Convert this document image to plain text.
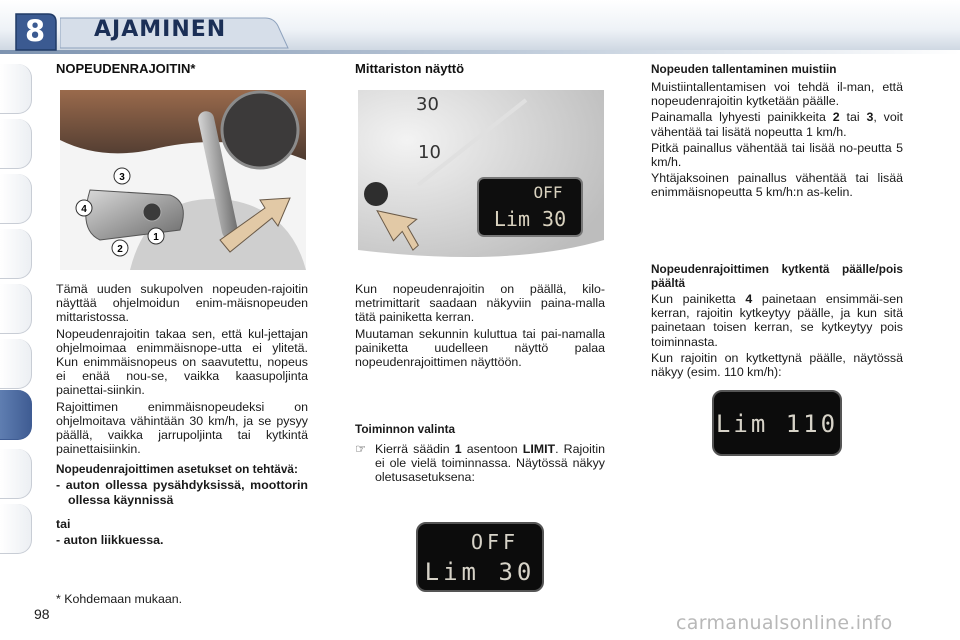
8 AJAMINEN
NOPEUDENRAJOITIN*
3
4
1
2

Tämä uuden sukupolven nopeuden-rajoitin näyttää ohjelmoidun enim-mäisnopeuden mittaristossa.

Nopeudenrajoitin takaa sen, että kul-jettajan ohjelmoimaa enimmäisnope-utta ei ylitetä. Kun enimmäisnopeus on saavutettu, nopeus ei enää nou-se, vaikka kaasupoljinta painettai-siinkin.

Rajoittimen enimmäisnopeudeksi on ohjelmoitava vähintään 30 km/h, ja se pysyy päällä, vaikka jarrupoljinta tai kytkintä painettaisiinkin.

Nopeudenrajoittimen asetukset on tehtävä:

- auton ollessa pysähdyksissä, moottorin ollessa käynnissä

tai

- auton liikkuessa.

* Kohdemaan mukaan.
Mittariston näyttö
30
10
OFF
Lim 30

Kun nopeudenrajoitin on päällä, kilo-metrimittarit saadaan näkyviin paina-malla tätä painiketta kerran.

Muutaman sekunnin kuluttua tai pai-namalla painiketta uudelleen näyttö palaa nopeudenrajoittimen näyttöön.

Toiminnon valinta

☞ Kierrä säädin 1 asentoon LIMIT. Rajoitin ei ole vielä toiminnassa. Näytössä näkyy oletusasetuksena:

OFF
Lim 30

Nopeuden tallentaminen muistiin

Muistiintallentamisen voi tehdä il-man, että nopeudenrajoitin kytketään päälle.

Painamalla lyhyesti painikkeita 2 tai 3, voit vähentää tai lisätä nopeutta 1 km/h.

Pitkä painallus vähentää tai lisää no-peutta 5 km/h.

Yhtäjaksoinen painallus vähentää tai lisää enimmäisnopeutta 5 km/h:n as-kelin.

Nopeudenrajoittimen kytkentä päälle/pois päältä

Kun painiketta 4 painetaan ensimmäi-sen kerran, rajoitin kytkeytyy päälle, ja kun sitä painetaan toisen kerran, se kytkeytyy pois toiminnasta.

Kun rajoitin on kytkettynä päälle, näytössä näkyy (esim. 110 km/h):

Lim 110
98	carmanualsonline.info
